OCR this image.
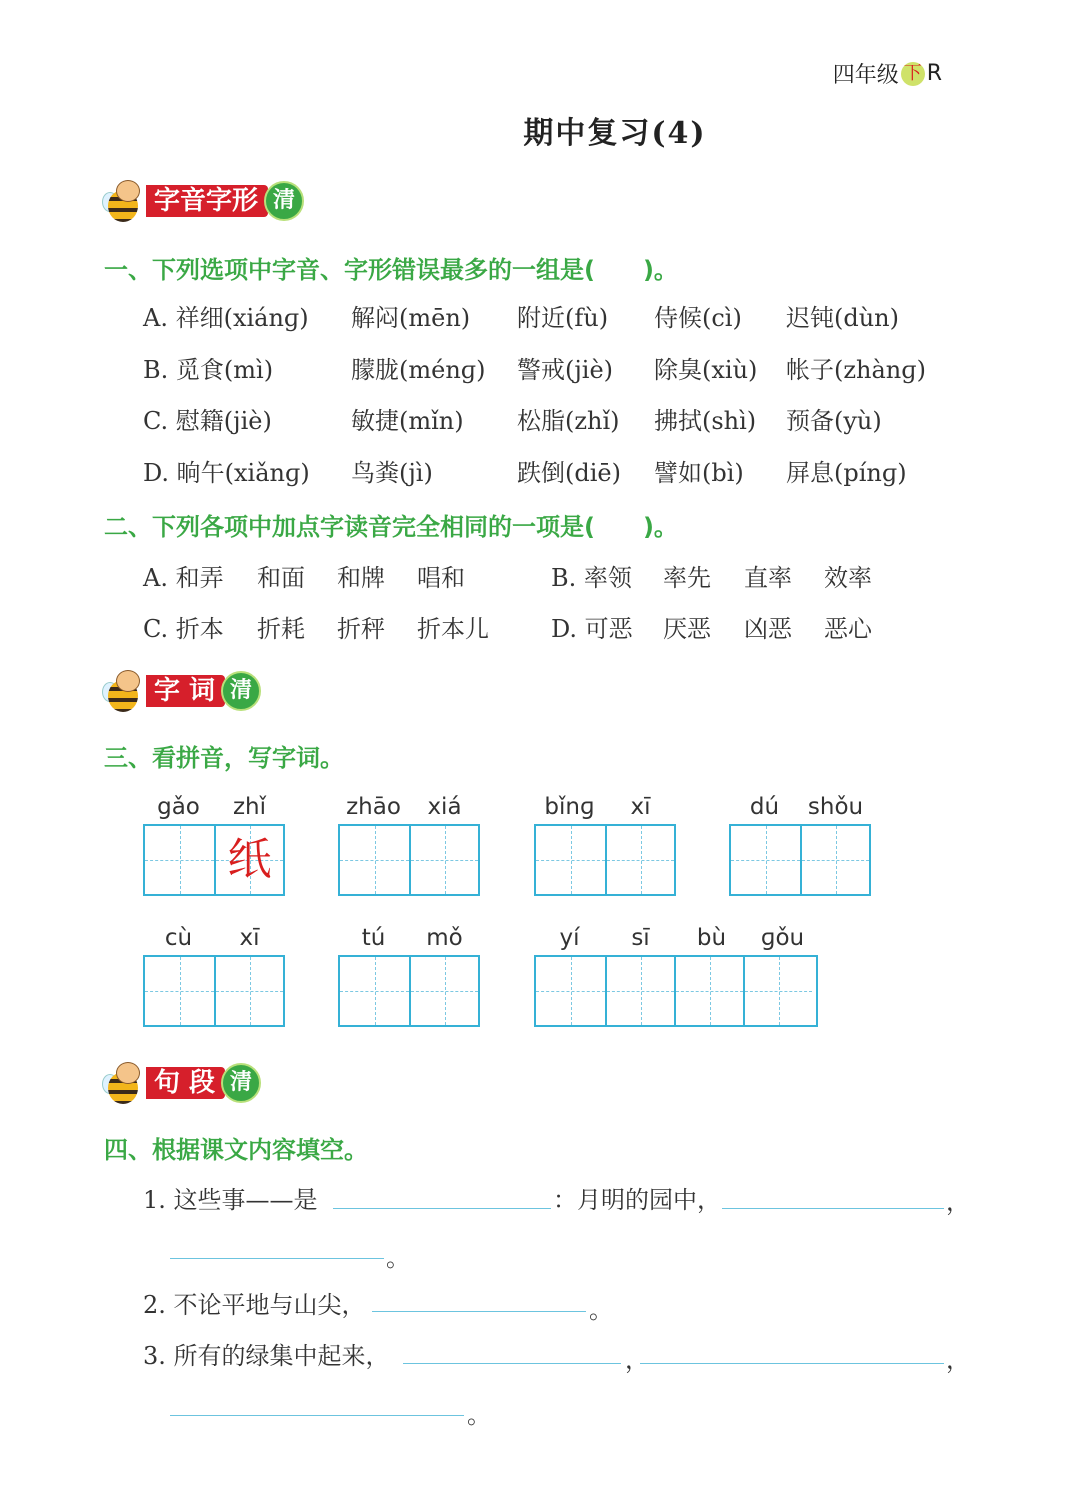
四年级 下 R
期中复习(4)
字音字形 清
一、下列选项中字音、字形错误最多的一组是(　　)。
A. 祥细(xiánɡ) 解闷(mēn) 附近(fù) 侍候(cì) 迟钝(dùn)
B. 觅食(mì)	朦胧(ménɡ) 警戒(jiè) 除臭(xiù) 帐子(zhànɡ)
C. 慰籍(jiè)	敏捷(mǐn) 松脂(zhǐ) 拂拭(shì) 预备(yù)
D. 晌午(xiǎnɡ) 鸟粪(jì)	跌倒(diē) 譬如(bì) 屏息(pínɡ)
二、下列各项中加点字读音完全相同的一项是(　　)。
A. 和弄 和面 和牌 唱和	B. 率领 率先 直率 效率
C. 折本 折耗 折秤 折本儿	D. 可恶 厌恶 凶恶 恶心
字 词 清
三、看拼音，写字词。
gǎo	zhǐ
纸
zhāo	xiá	bǐnɡ	xī	dú	shǒu
cù	xī	tú	mǒ	yí	sī	bù	ɡǒu
句 段 清
四、根据课文内容填空。
1. 这些事——是	：月明的园中，	，
。
2. 不论平地与山尖，	。
3. 所有的绿集中起来，	，	，
。
